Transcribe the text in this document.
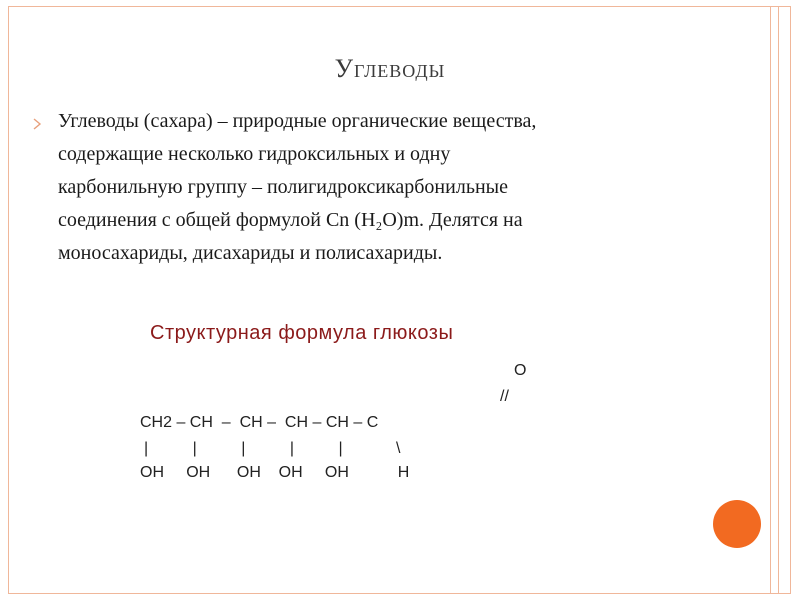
Углеводы
Углеводы (сахара) – природные органические вещества,
содержащие несколько гидроксильных и одну
карбонильную группу – полигидроксикарбонильные
соединения с общей формулой Cn (H₂O)m. Делятся на
моносахариды, дисахариды и полисахариды.
Структурная формула глюкозы
O
//
CH2 – CH  –  CH –  CH – CH – C
|          |          |          |          |            \
OH     OH      OH    OH     OH           H
